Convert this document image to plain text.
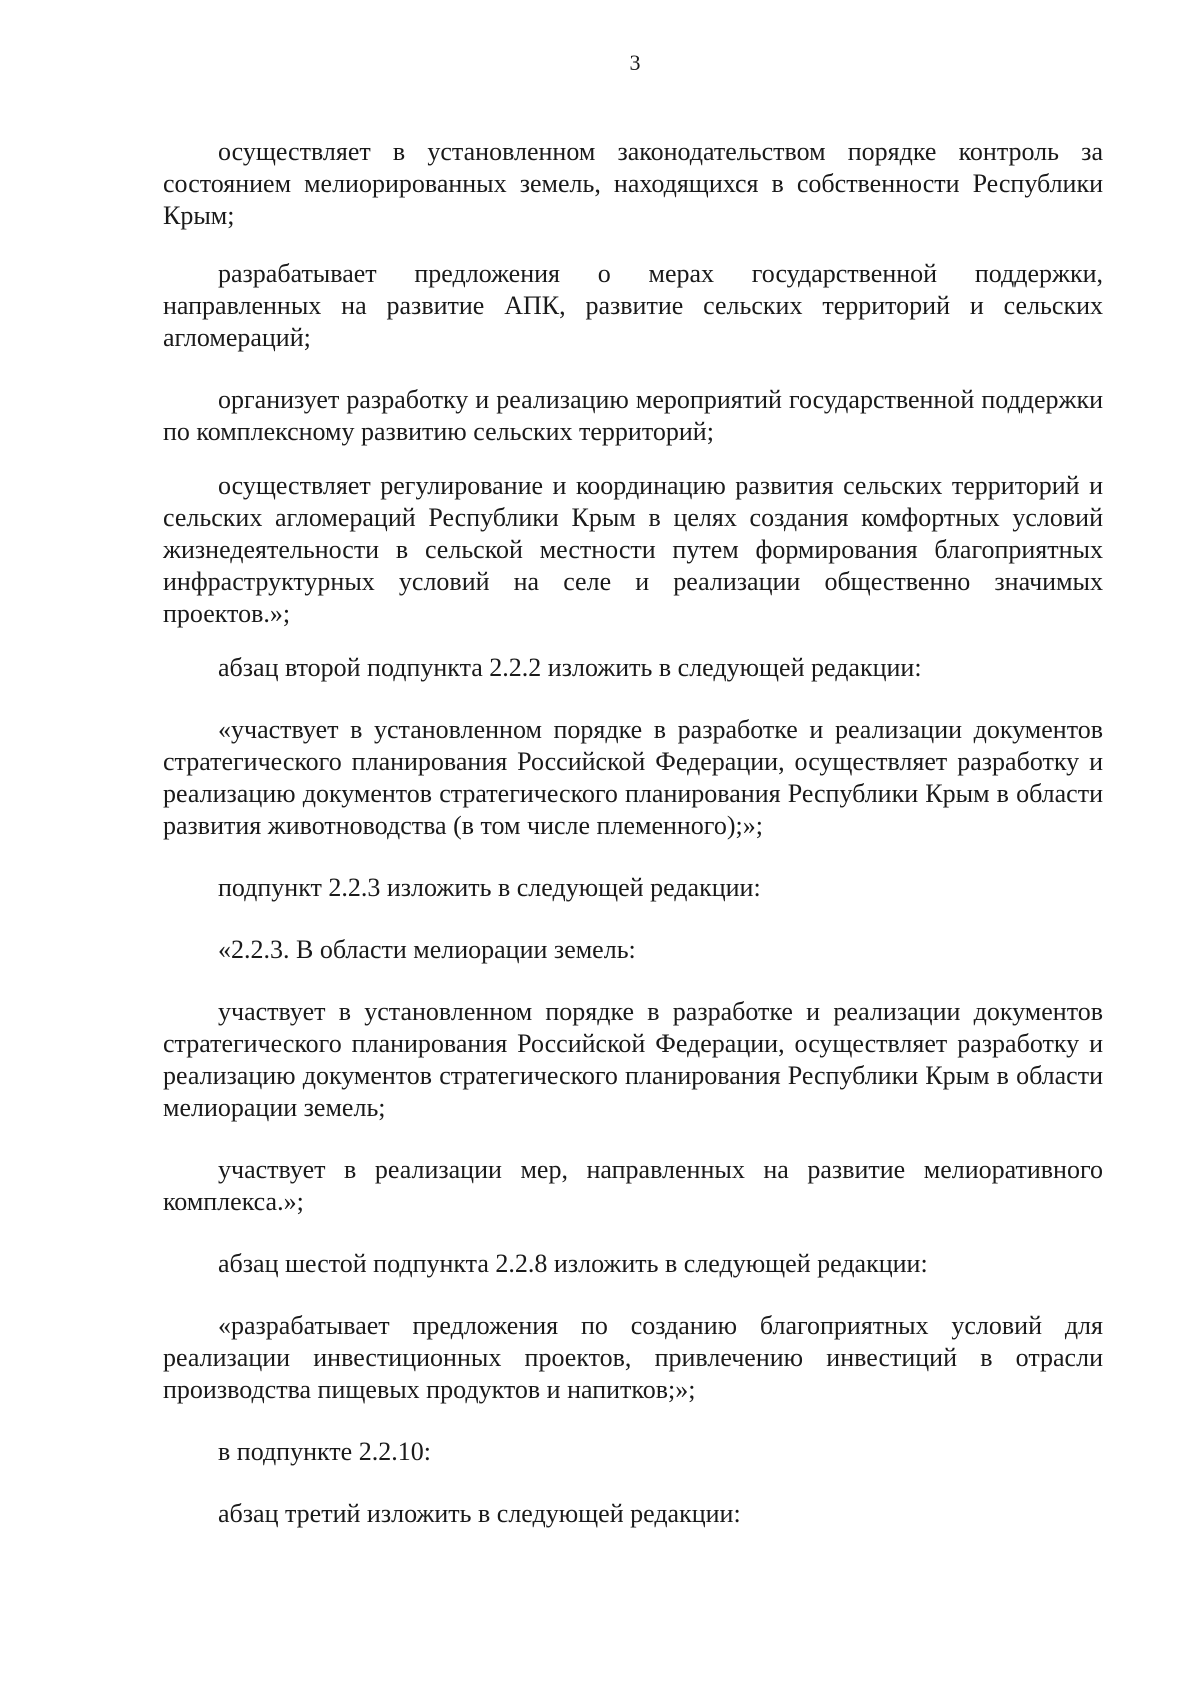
3

осуществляет в установленном законодательством порядке контроль за состоянием мелиорированных земель, находящихся в собственности Республики Крым;

разрабатывает предложения о мерах государственной поддержки, направленных на развитие АПК, развитие сельских территорий и сельских агломераций;

организует разработку и реализацию мероприятий государственной поддержки по комплексному развитию сельских территорий;

осуществляет регулирование и координацию развития сельских территорий и сельских агломераций Республики Крым в целях создания комфортных условий жизнедеятельности в сельской местности путем формирования благоприятных инфраструктурных условий на селе и реализации общественно значимых проектов.»;

абзац второй подпункта 2.2.2 изложить в следующей редакции:

«участвует в установленном порядке в разработке и реализации документов стратегического планирования Российской Федерации, осуществляет разработку и реализацию документов стратегического планирования Республики Крым в области развития животноводства (в том числе племенного);»;

подпункт 2.2.3 изложить в следующей редакции:

«2.2.3. В области мелиорации земель:

участвует в установленном порядке в разработке и реализации документов стратегического планирования Российской Федерации, осуществляет разработку и реализацию документов стратегического планирования Республики Крым в области мелиорации земель;

участвует в реализации мер, направленных на развитие мелиоративного комплекса.»;

абзац шестой подпункта 2.2.8 изложить в следующей редакции:

«разрабатывает предложения по созданию благоприятных условий для реализации инвестиционных проектов, привлечению инвестиций в отрасли производства пищевых продуктов и напитков;»;

в подпункте 2.2.10:

абзац третий изложить в следующей редакции:
